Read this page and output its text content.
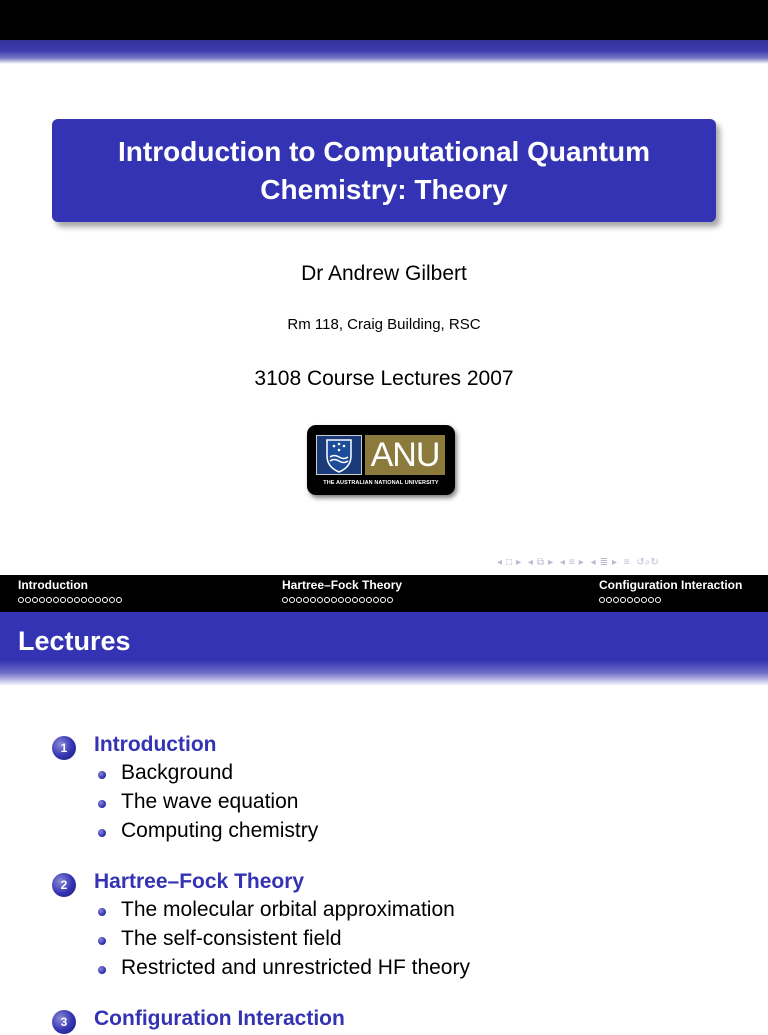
Introduction to Computational Quantum Chemistry: Theory
Dr Andrew Gilbert
Rm 118, Craig Building, RSC
3108 Course Lectures 2007
ANU
THE AUSTRALIAN NATIONAL UNIVERSITY
◂ □ ▸ ◂ ⧉ ▸ ◂ ≡ ▸ ◂ ≣ ▸ ≡ ↺⌕↻
Introduction	Hartree–Fock Theory	Configuration Interaction
Lectures
1	Introduction
Background
The wave equation
Computing chemistry
2	Hartree–Fock Theory
The molecular orbital approximation
The self-consistent field
Restricted and unrestricted HF theory
3	Configuration Interaction
